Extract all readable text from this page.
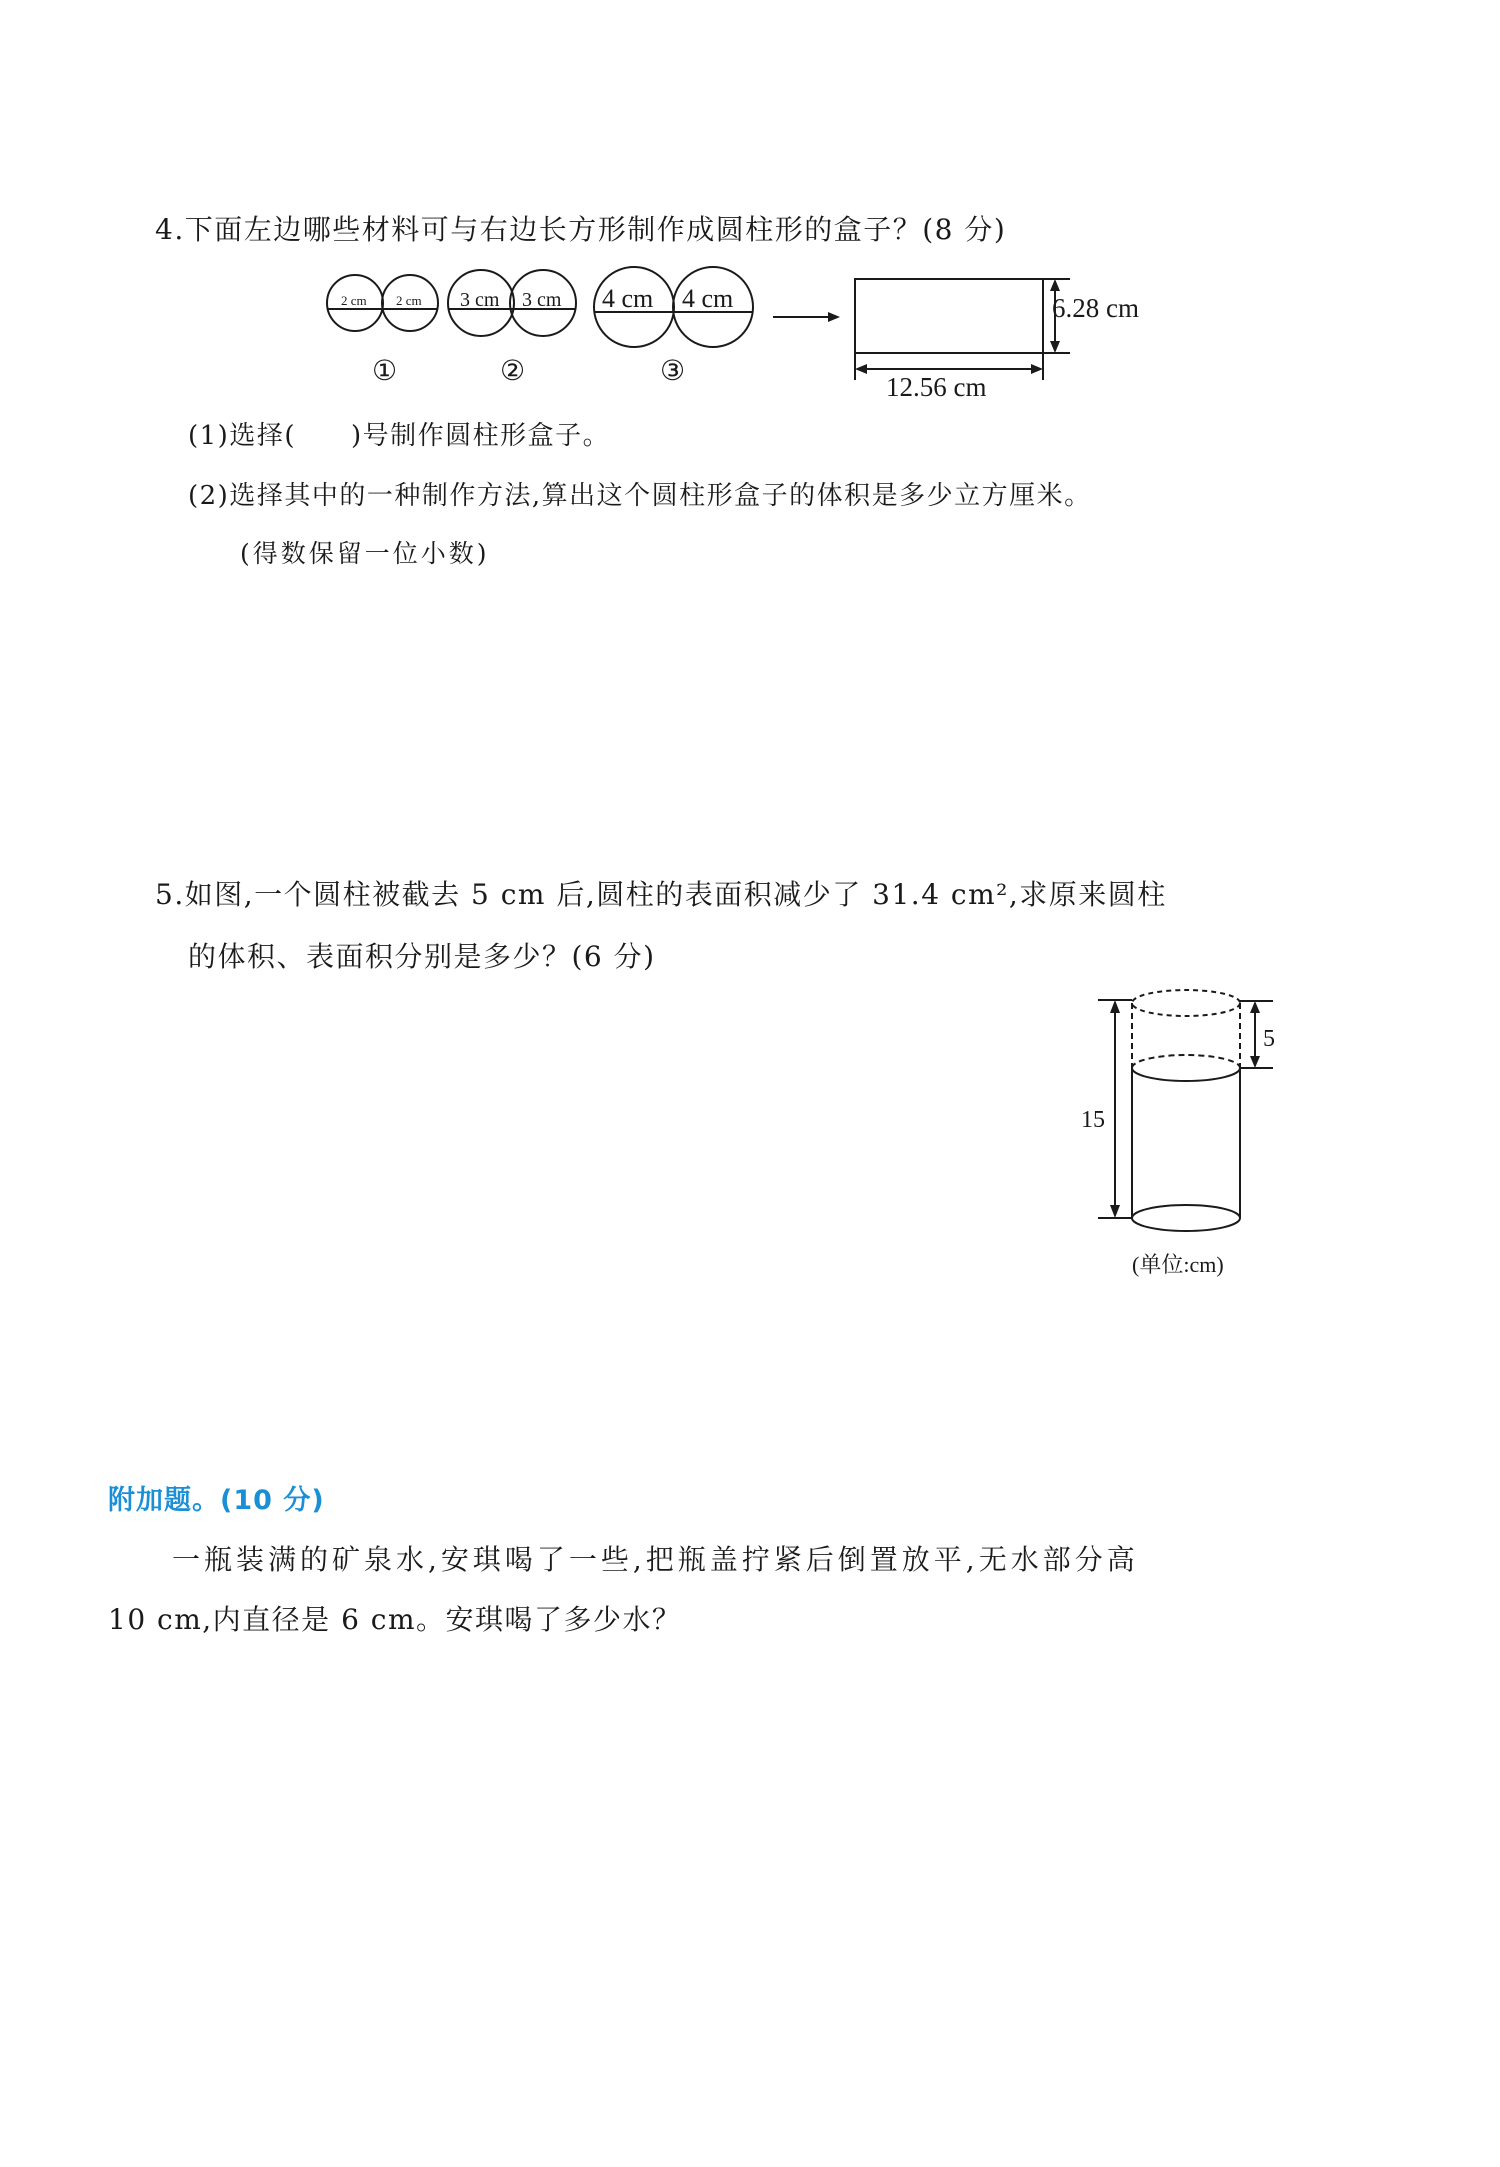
4.下面左边哪些材料可与右边长方形制作成圆柱形的盒子？(8 分)
2 cm 2 cm 3 cm 3 cm 4 cm 4 cm
①	②	③
6.28 cm
12.56 cm
(1)选择(　　)号制作圆柱形盒子。
(2)选择其中的一种制作方法,算出这个圆柱形盒子的体积是多少立方厘米。
(得数保留一位小数)
5.如图,一个圆柱被截去 5 cm 后,圆柱的表面积减少了 31.4 cm²,求原来圆柱
的体积、表面积分别是多少？(6 分)
15
5
(单位:cm)
附加题。(10 分)
一瓶装满的矿泉水,安琪喝了一些,把瓶盖拧紧后倒置放平,无水部分高
10 cm,内直径是 6 cm。安琪喝了多少水？
